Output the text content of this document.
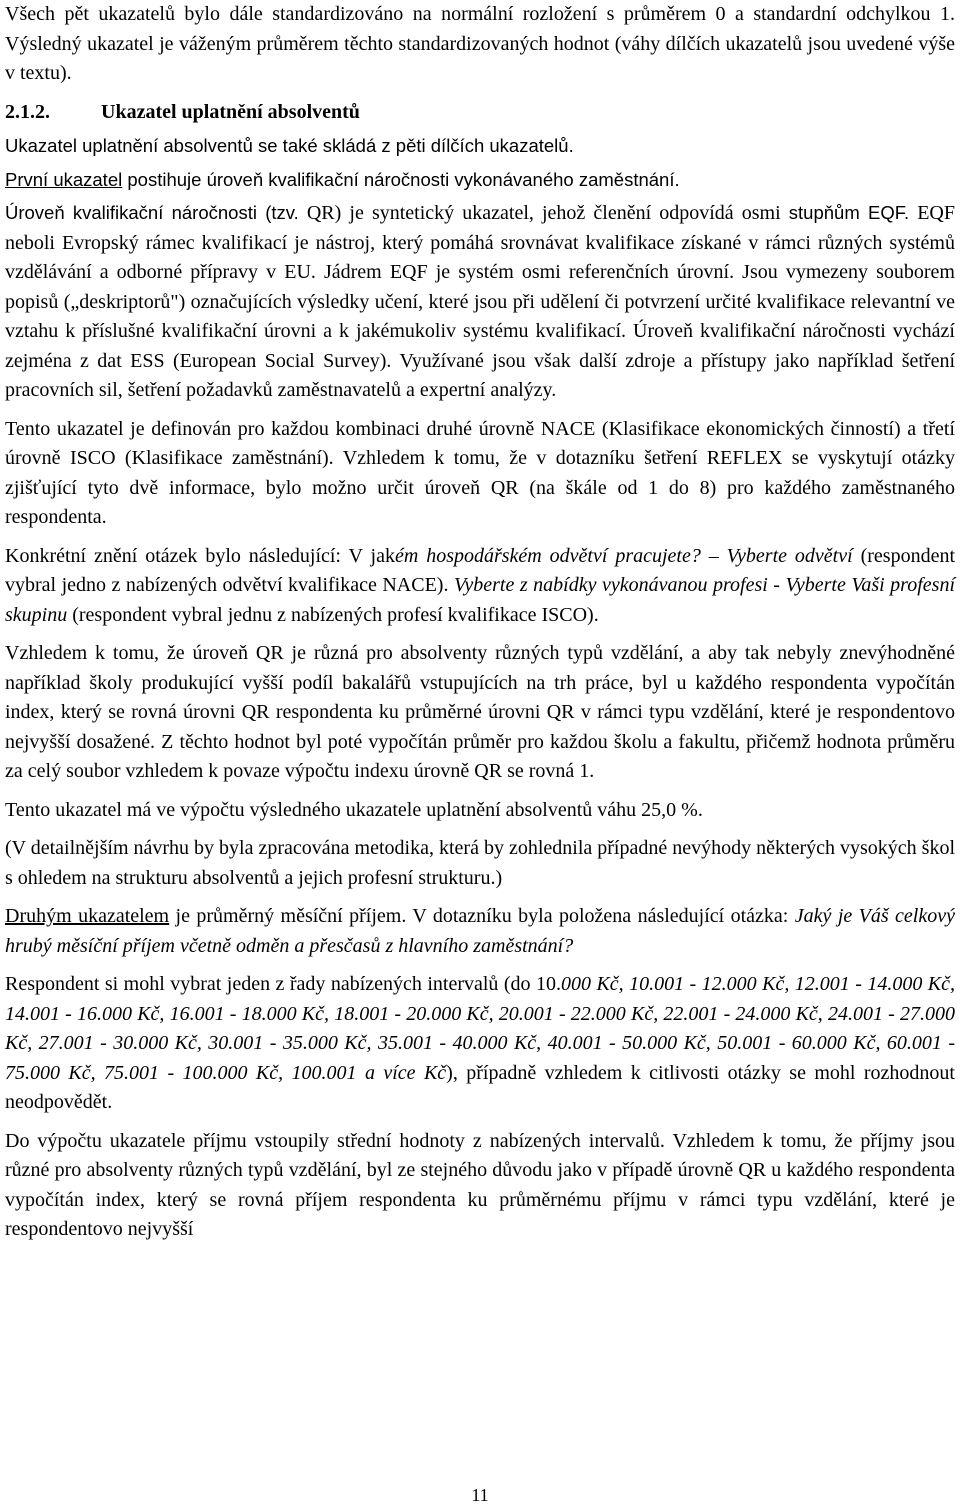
Všech pět ukazatelů bylo dále standardizováno na normální rozložení s průměrem 0 a standardní odchylkou 1. Výsledný ukazatel je váženým průměrem těchto standardizovaných hodnot (váhy dílčích ukazatelů jsou uvedené výše v textu).

2.1.2.	Ukazatel uplatnění absolventů

Ukazatel uplatnění absolventů se také skládá z pěti dílčích ukazatelů.

První ukazatel postihuje úroveň kvalifikační náročnosti vykonávaného zaměstnání.

Úroveň kvalifikační náročnosti (tzv. QR) je syntetický ukazatel, jehož členění odpovídá osmi stupňům EQF. EQF neboli Evropský rámec kvalifikací je nástroj, který pomáhá srovnávat kvalifikace získané v rámci různých systémů vzdělávání a odborné přípravy v EU. Jádrem EQF je systém osmi referenčních úrovní. Jsou vymezeny souborem popisů („deskriptorů") označujících výsledky učení, které jsou při udělení či potvrzení určité kvalifikace relevantní ve vztahu k příslušné kvalifikační úrovni a k jakémukoliv systému kvalifikací. Úroveň kvalifikační náročnosti vychází zejména z dat ESS (European Social Survey). Využívané jsou však další zdroje a přístupy jako například šetření pracovních sil, šetření požadavků zaměstnavatelů a expertní analýzy.

Tento ukazatel je definován pro každou kombinaci druhé úrovně NACE (Klasifikace ekonomických činností) a třetí úrovně ISCO (Klasifikace zaměstnání). Vzhledem k tomu, že v dotazníku šetření REFLEX se vyskytují otázky zjišťující tyto dvě informace, bylo možno určit úroveň QR (na škále od 1 do 8) pro každého zaměstnaného respondenta.

Konkrétní znění otázek bylo následující: V jakém hospodářském odvětví pracujete? – Vyberte odvětví (respondent vybral jedno z nabízených odvětví kvalifikace NACE). Vyberte z nabídky vykonávanou profesi - Vyberte Vaši profesní skupinu (respondent vybral jednu z nabízených profesí kvalifikace ISCO).

Vzhledem k tomu, že úroveň QR je různá pro absolventy různých typů vzdělání, a aby tak nebyly znevýhodněné například školy produkující vyšší podíl bakalářů vstupujících na trh práce, byl u každého respondenta vypočítán index, který se rovná úrovni QR respondenta ku průměrné úrovni QR v rámci typu vzdělání, které je respondentovo nejvyšší dosažené. Z těchto hodnot byl poté vypočítán průměr pro každou školu a fakultu, přičemž hodnota průměru za celý soubor vzhledem k povaze výpočtu indexu úrovně QR se rovná 1.

Tento ukazatel má ve výpočtu výsledného ukazatele uplatnění absolventů váhu 25,0 %.

(V detailnějším návrhu by byla zpracována metodika, která by zohlednila případné nevýhody některých vysokých škol s ohledem na strukturu absolventů a jejich profesní strukturu.)

Druhým ukazatelem je průměrný měsíční příjem. V dotazníku byla položena následující otázka: Jaký je Váš celkový hrubý měsíční příjem včetně odměn a přesčasů z hlavního zaměstnání?

Respondent si mohl vybrat jeden z řady nabízených intervalů (do 10.000 Kč, 10.001 - 12.000 Kč, 12.001 - 14.000 Kč, 14.001 - 16.000 Kč, 16.001 - 18.000 Kč, 18.001 - 20.000 Kč, 20.001 - 22.000 Kč, 22.001 - 24.000 Kč, 24.001 - 27.000 Kč, 27.001 - 30.000 Kč, 30.001 - 35.000 Kč, 35.001 - 40.000 Kč, 40.001 - 50.000 Kč, 50.001 - 60.000 Kč, 60.001 - 75.000 Kč, 75.001 - 100.000 Kč, 100.001 a více Kč), případně vzhledem k citlivosti otázky se mohl rozhodnout neodpovědět.

Do výpočtu ukazatele příjmu vstoupily střední hodnoty z nabízených intervalů. Vzhledem k tomu, že příjmy jsou různé pro absolventy různých typů vzdělání, byl ze stejného důvodu jako v případě úrovně QR u každého respondenta vypočítán index, který se rovná příjem respondenta ku průměrnému příjmu v rámci typu vzdělání, které je respondentovo nejvyšší

11
